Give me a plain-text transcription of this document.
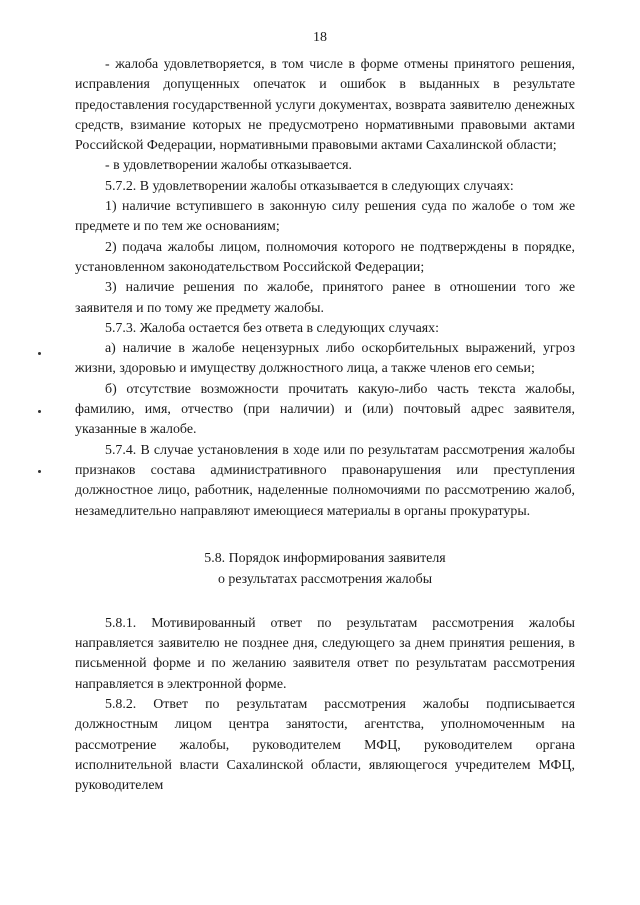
18

- жалоба удовлетворяется, в том числе в форме отмены принятого решения, исправления допущенных опечаток и ошибок в выданных в результате предоставления государственной услуги документах, возврата заявителю денежных средств, взимание которых не предусмотрено нормативными правовыми актами Российской Федерации, нормативными правовыми актами Сахалинской области;

- в удовлетворении жалобы отказывается.

5.7.2. В удовлетворении жалобы отказывается в следующих случаях:

1) наличие вступившего в законную силу решения суда по жалобе о том же предмете и по тем же основаниям;

2) подача жалобы лицом, полномочия которого не подтверждены в порядке, установленном законодательством Российской Федерации;

3) наличие решения по жалобе, принятого ранее в отношении того же заявителя и по тому же предмету жалобы.

5.7.3. Жалоба остается без ответа в следующих случаях:

а) наличие в жалобе нецензурных либо оскорбительных выражений, угроз жизни, здоровью и имуществу должностного лица, а также членов его семьи;

б) отсутствие возможности прочитать какую-либо часть текста жалобы, фамилию, имя, отчество (при наличии) и (или) почтовый адрес заявителя, указанные в жалобе.

5.7.4. В случае установления в ходе или по результатам рассмотрения жалобы признаков состава административного правонарушения или преступления должностное лицо, работник, наделенные полномочиями по рассмотрению жалоб, незамедлительно направляют имеющиеся материалы в органы прокуратуры.

5.8. Порядок информирования заявителя
о результатах рассмотрения жалобы

5.8.1. Мотивированный ответ по результатам рассмотрения жалобы направляется заявителю не позднее дня, следующего за днем принятия решения, в письменной форме и по желанию заявителя ответ по результатам рассмотрения направляется в электронной форме.

5.8.2. Ответ по результатам рассмотрения жалобы подписывается должностным лицом центра занятости, агентства, уполномоченным на рассмотрение жалобы, руководителем МФЦ, руководителем органа исполнительной власти Сахалинской области, являющегося учредителем МФЦ, руководителем
